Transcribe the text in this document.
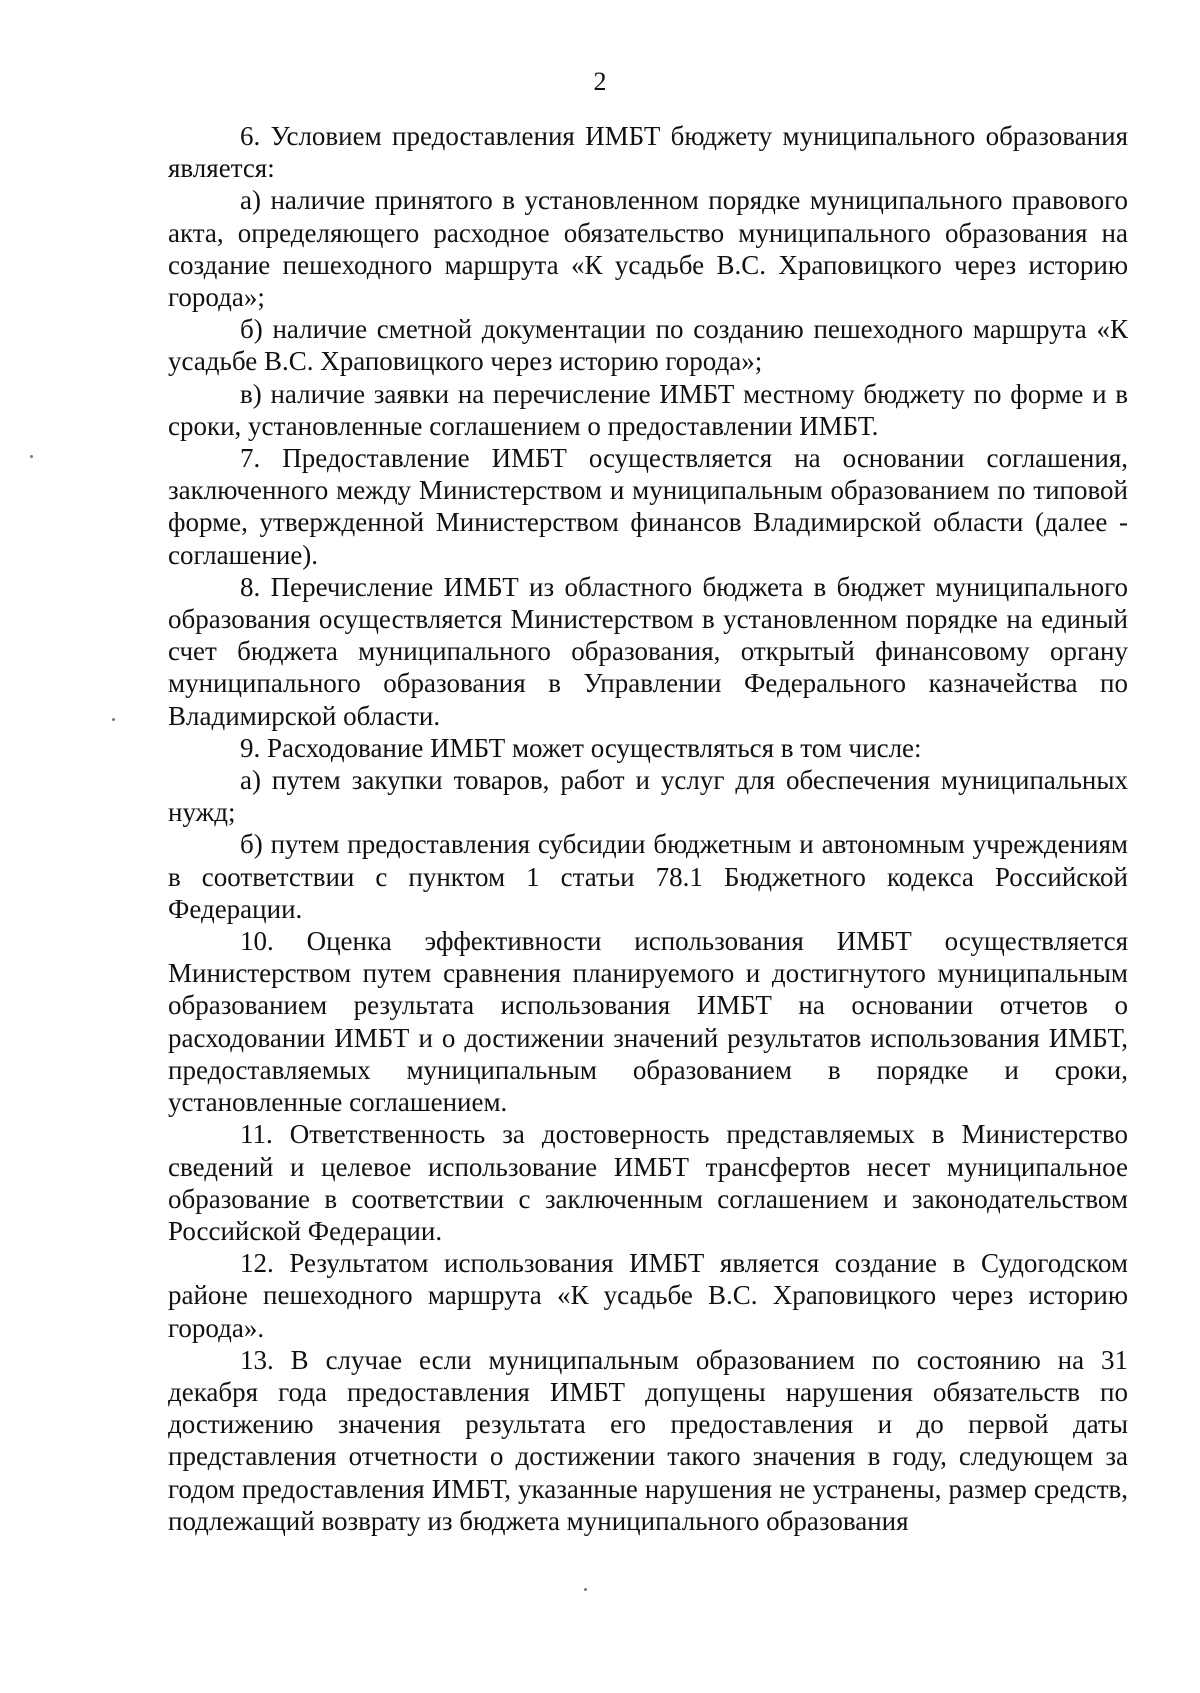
2

6. Условием предоставления ИМБТ бюджету муниципального образования является:

а) наличие принятого в установленном порядке муниципального правового акта, определяющего расходное обязательство муниципального образования на создание пешеходного маршрута «К усадьбе В.С. Храповицкого через историю города»;

б) наличие сметной документации по созданию пешеходного маршрута «К усадьбе В.С. Храповицкого через историю города»;

в) наличие заявки на перечисление ИМБТ местному бюджету по форме и в сроки, установленные соглашением о предоставлении ИМБТ.

7. Предоставление ИМБТ осуществляется на основании соглашения, заключенного между Министерством и муниципальным образованием по типовой форме, утвержденной Министерством финансов Владимирской области (далее - соглашение).

8. Перечисление ИМБТ из областного бюджета в бюджет муниципального образования осуществляется Министерством в установленном порядке на единый счет бюджета муниципального образования, открытый финансовому органу муниципального образования в Управлении Федерального казначейства по Владимирской области.

9. Расходование ИМБТ может осуществляться в том числе:

а) путем закупки товаров, работ и услуг для обеспечения муниципальных нужд;

б) путем предоставления субсидии бюджетным и автономным учреждениям в соответствии с пунктом 1 статьи 78.1 Бюджетного кодекса Российской Федерации.

10. Оценка эффективности использования ИМБТ осуществляется Министерством путем сравнения планируемого и достигнутого муниципальным образованием результата использования ИМБТ на основании отчетов о расходовании ИМБТ и о достижении значений результатов использования ИМБТ, предоставляемых муниципальным образованием в порядке и сроки, установленные соглашением.

11. Ответственность за достоверность представляемых в Министерство сведений и целевое использование ИМБТ трансфертов несет муниципальное образование в соответствии с заключенным соглашением и законодательством Российской Федерации.

12. Результатом использования ИМБТ является создание в Судогодском районе пешеходного маршрута «К усадьбе В.С. Храповицкого через историю города».

13. В случае если муниципальным образованием по состоянию на 31 декабря года предоставления ИМБТ допущены нарушения обязательств по достижению значения результата его предоставления и до первой даты представления отчетности о достижении такого значения в году, следующем за годом предоставления ИМБТ, указанные нарушения не устранены, размер средств, подлежащий возврату из бюджета муниципального образования
